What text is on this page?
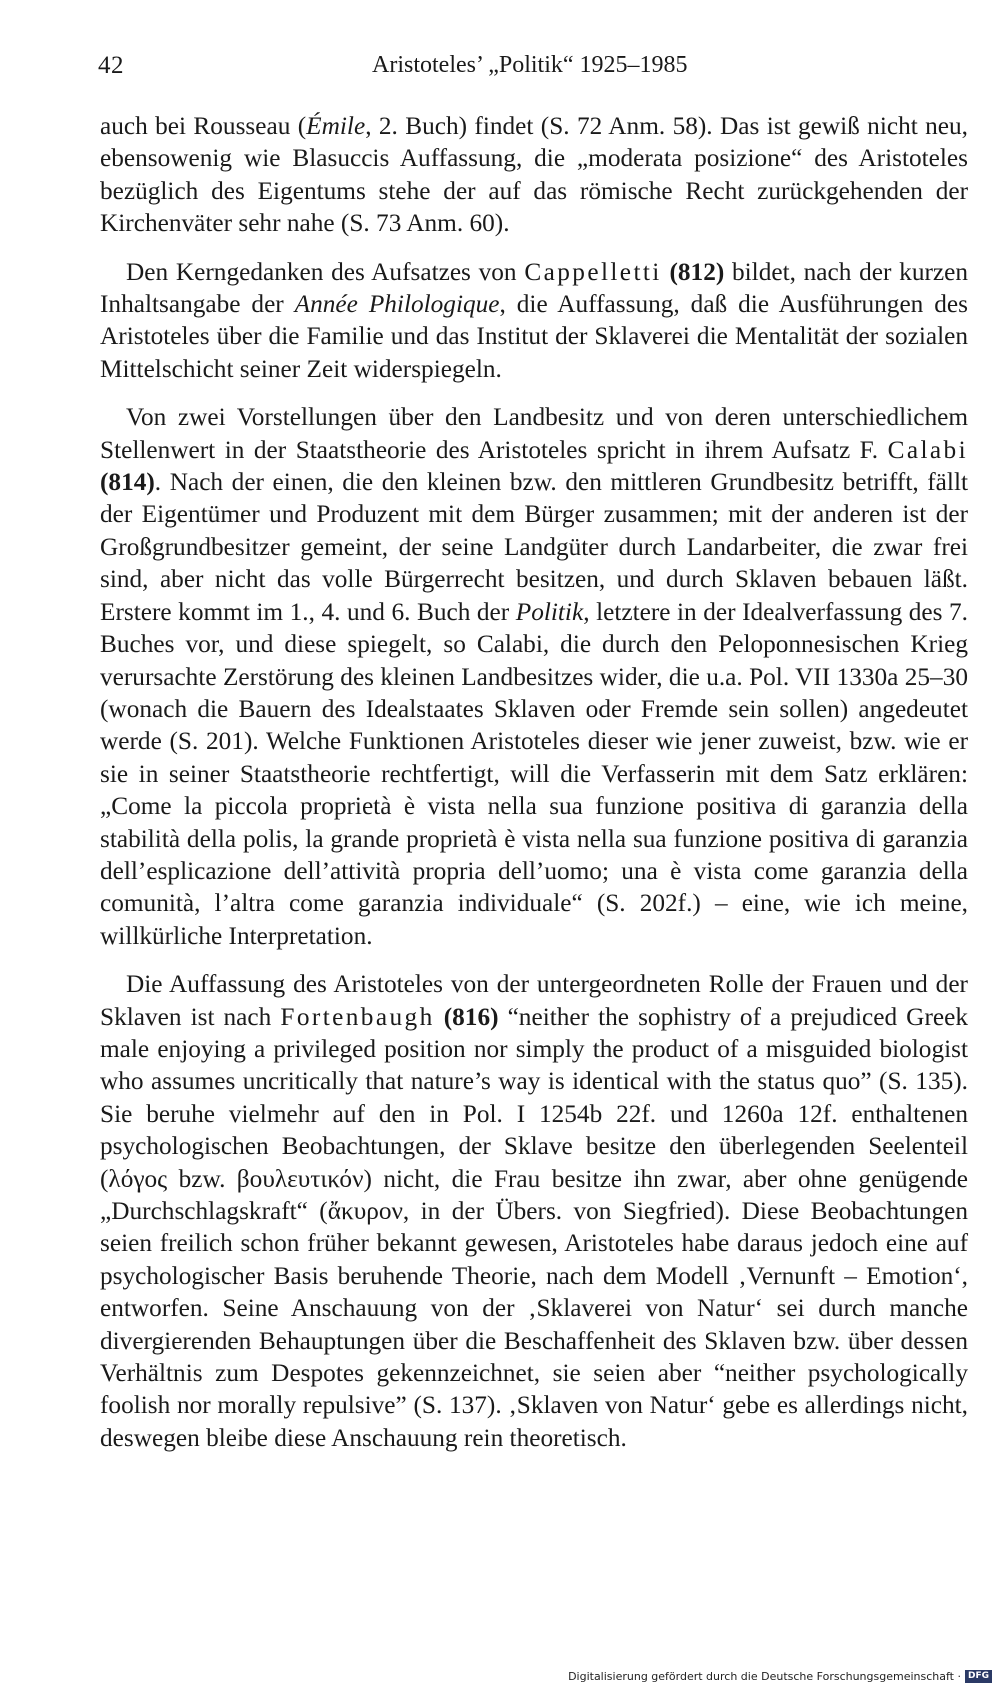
42	Aristoteles’ „Politik“ 1925–1985

auch bei Rousseau (Émile, 2. Buch) findet (S. 72 Anm. 58). Das ist gewiß nicht neu, ebensowenig wie Blasuccis Auffassung, die „moderata posizione“ des Aristoteles bezüglich des Eigentums stehe der auf das römische Recht zurückgehenden der Kirchenväter sehr nahe (S. 73 Anm. 60).

Den Kerngedanken des Aufsatzes von Cappelletti (812) bildet, nach der kurzen Inhaltsangabe der Année Philologique, die Auffassung, daß die Ausführungen des Aristoteles über die Familie und das Institut der Sklaverei die Mentalität der sozialen Mittelschicht seiner Zeit widerspiegeln.

Von zwei Vorstellungen über den Landbesitz und von deren unterschiedlichem Stellenwert in der Staatstheorie des Aristoteles spricht in ihrem Aufsatz F. Calabi (814). Nach der einen, die den kleinen bzw. den mittleren Grundbesitz betrifft, fällt der Eigentümer und Produzent mit dem Bürger zusammen; mit der anderen ist der Großgrundbesitzer gemeint, der seine Landgüter durch Landarbeiter, die zwar frei sind, aber nicht das volle Bürgerrecht besitzen, und durch Sklaven bebauen läßt. Erstere kommt im 1., 4. und 6. Buch der Politik, letztere in der Idealverfassung des 7. Buches vor, und diese spiegelt, so Calabi, die durch den Peloponnesischen Krieg verursachte Zerstörung des kleinen Landbesitzes wider, die u.a. Pol. VII 1330a 25–30 (wonach die Bauern des Idealstaates Sklaven oder Fremde sein sollen) angedeutet werde (S. 201). Welche Funktionen Aristoteles dieser wie jener zuweist, bzw. wie er sie in seiner Staatstheorie rechtfertigt, will die Verfasserin mit dem Satz erklären: „Come la piccola proprietà è vista nella sua funzione positiva di garanzia della stabilità della polis, la grande proprietà è vista nella sua funzione positiva di garanzia dell’esplicazione dell’attività propria dell’uomo; una è vista come garanzia della comunità, l’altra come garanzia individuale“ (S. 202f.) – eine, wie ich meine, willkürliche Interpretation.

Die Auffassung des Aristoteles von der untergeordneten Rolle der Frauen und der Sklaven ist nach Fortenbaugh (816) “neither the sophistry of a prejudiced Greek male enjoying a privileged position nor simply the product of a misguided biologist who assumes uncritically that nature’s way is identical with the status quo” (S. 135). Sie beruhe vielmehr auf den in Pol. I 1254b 22f. und 1260a 12f. enthaltenen psychologischen Beobachtungen, der Sklave besitze den überlegenden Seelenteil (λόγος bzw. βουλευτικόν) nicht, die Frau besitze ihn zwar, aber ohne genügende „Durchschlagskraft“ (ἄκυρον, in der Übers. von Siegfried). Diese Beobachtungen seien freilich schon früher bekannt gewesen, Aristoteles habe daraus jedoch eine auf psychologischer Basis beruhende Theorie, nach dem Modell ‚Vernunft – Emotion‘, entworfen. Seine Anschauung von der ‚Sklaverei von Natur‘ sei durch manche divergierenden Behauptungen über die Beschaffenheit des Sklaven bzw. über dessen Verhältnis zum Despotes gekennzeichnet, sie seien aber “neither psychologically foolish nor morally repulsive” (S. 137). ‚Sklaven von Natur‘ gebe es allerdings nicht, deswegen bleibe diese Anschauung rein theoretisch.

Digitalisierung gefördert durch die Deutsche Forschungsgemeinschaft · DFG
